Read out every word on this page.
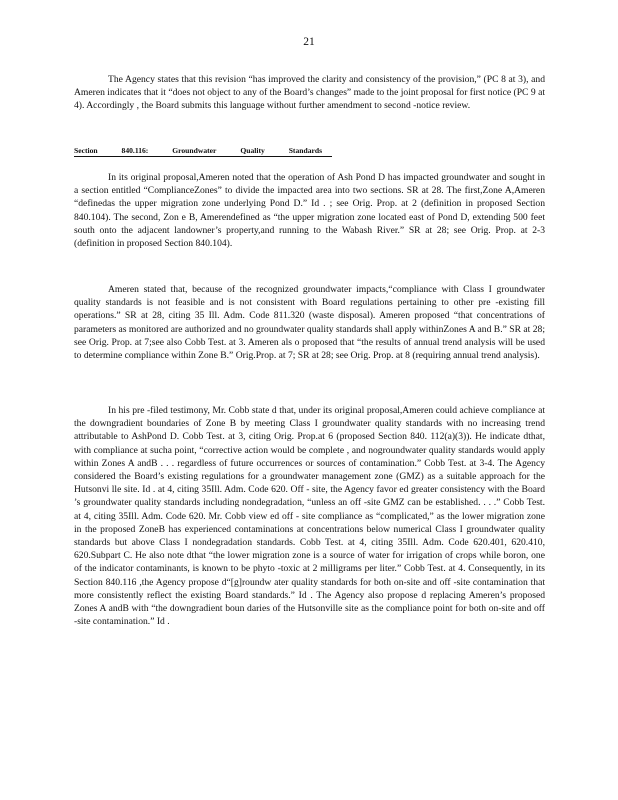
21

The Agency states that this revision “has improved the clarity and consistency of the provision,” (PC 8 at 3), and Ameren indicates that it “does not object to any of the Board’s changes” made to the joint proposal for first notice (PC 9 at 4). Accordingly , the Board submits this language without further amendment to second -notice review.

Section	840.116:	Groundwater	Quality	Standards

In its original proposal,Ameren noted that the operation of Ash Pond D has impacted groundwater and sought in a section entitled “ComplianceZones” to divide the impacted area into two sections. SR at 28. The first,Zone A,Ameren “definedas the upper migration zone underlying Pond D.” Id . ; see Orig. Prop. at 2 (definition in proposed Section 840.104). The second, Zon e B, Amerendefined as “the upper migration zone located east of Pond D, extending 500 feet south onto the adjacent landowner’s property,and running to the Wabash River.” SR at 28; see Orig. Prop. at 2-3 (definition in proposed Section 840.104).

Ameren stated that, because of the recognized groundwater impacts,“compliance with Class I groundwater quality standards is not feasible and is not consistent with Board regulations pertaining to other pre -existing fill operations.” SR at 28, citing 35 Ill. Adm. Code 811.320 (waste disposal). Ameren proposed “that concentrations of parameters as monitored are authorized and no groundwater quality standards shall apply withinZones A and B.” SR at 28; see Orig. Prop. at 7;see also Cobb Test. at 3. Ameren als o proposed that “the results of annual trend analysis will be used to determine compliance within Zone B.” Orig.Prop. at 7; SR at 28; see Orig. Prop. at 8 (requiring annual trend analysis).

In his pre -filed testimony, Mr. Cobb state d that, under its original proposal,Ameren could achieve compliance at the downgradient boundaries of Zone B by meeting Class I groundwater quality standards with no increasing trend attributable to AshPond D. Cobb Test. at 3, citing Orig. Prop.at 6 (proposed Section 840. 112(a)(3)). He indicate dthat, with compliance at sucha point, “corrective action would be complete , and nogroundwater quality standards would apply within Zones A andB . . . regardless of future occurrences or sources of contamination.” Cobb Test. at 3-4. The Agency considered the Board’s existing regulations for a groundwater management zone (GMZ) as a suitable approach for the Hutsonvi lle site. Id . at 4, citing 35Ill. Adm. Code 620. Off - site, the Agency favor ed greater consistency with the Board ’s groundwater quality standards including nondegradation, “unless an off -site GMZ can be established. . . .” Cobb Test. at 4, citing 35Ill. Adm. Code 620. Mr. Cobb view ed off - site compliance as “complicated,” as the lower migration zone in the proposed ZoneB has experienced contaminations at concentrations below numerical Class I groundwater quality standards but above Class I nondegradation standards. Cobb Test. at 4, citing 35Ill. Adm. Code 620.401, 620.410, 620.Subpart C. He also note dthat “the lower migration zone is a source of water for irrigation of crops while boron, one of the indicator contaminants, is known to be phyto -toxic at 2 milligrams per liter.” Cobb Test. at 4. Consequently, in its Section 840.116 ,the Agency propose d“[g]roundw ater quality standards for both on-site and off -site contamination that more consistently reflect the existing Board standards.” Id . The Agency also propose d replacing Ameren’s proposed Zones A andB with “the downgradient boun daries of the Hutsonville site as the compliance point for both on-site and off -site contamination.” Id .
